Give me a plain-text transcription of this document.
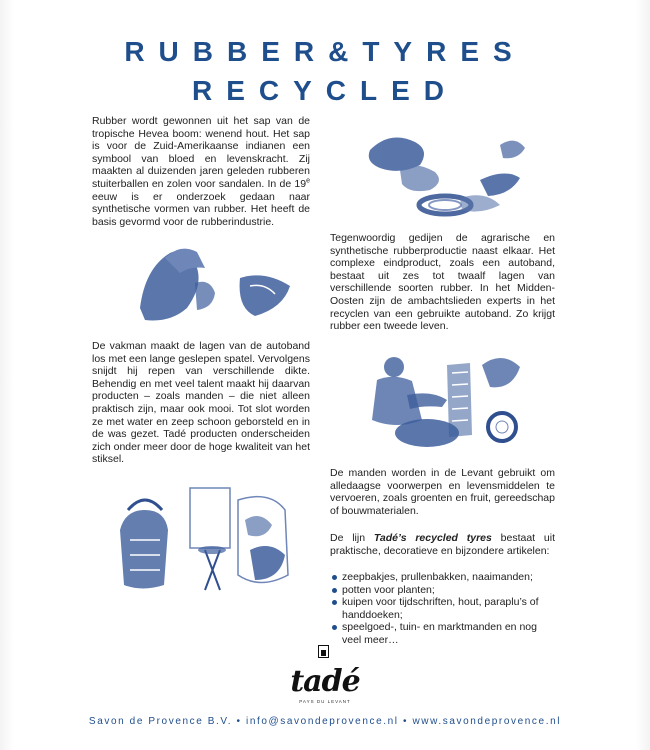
RUBBER&TYRES
RECYCLED
Rubber wordt gewonnen uit het sap van de tropische Hevea boom: wenend hout. Het sap is voor de Zuid-Amerikaanse indianen een symbool van bloed en levenskracht. Zij maakten al duizenden jaren geleden rubberen stuiterballen en zolen voor sandalen. In de 19e eeuw is er onderzoek gedaan naar synthetische vormen van rubber. Het heeft de basis gevormd voor de rubberindustrie.
Tegenwoordig gedijen de agrarische en synthetische rubberproductie naast elkaar. Het complexe eindproduct, zoals een autoband, bestaat uit zes tot twaalf lagen van verschillende soorten rubber. In het Midden-Oosten zijn de ambachtslieden experts in het recyclen van een gebruikte autoband. Zo krijgt rubber een tweede leven.
De vakman maakt de lagen van de autoband los met een lange geslepen spatel. Vervolgens snijdt hij repen van verschillende dikte. Behendig en met veel talent maakt hij daarvan producten – zoals manden – die niet alleen praktisch zijn, maar ook mooi. Tot slot worden ze met water en zeep schoon geborsteld en in de was gezet. Tadé producten onderscheiden zich onder meer door de hoge kwaliteit van het stiksel.
De manden worden in de Levant gebruikt om alledaagse voorwerpen en levensmiddelen te vervoeren, zoals groenten en fruit, gereedschap of bouwmaterialen.
De lijn Tadé’s recycled tyres bestaat uit praktische, decoratieve en bijzondere artikelen:
zeepbakjes, prullenbakken, naaimanden;
potten voor planten;
kuipen voor tijdschriften, hout, paraplu’s of handdoeken;
speelgoed-, tuin- en marktmanden en nog veel meer…
tadé
PAYS DU LEVANT
Savon de Provence B.V. • info@savondeprovence.nl • www.savondeprovence.nl
